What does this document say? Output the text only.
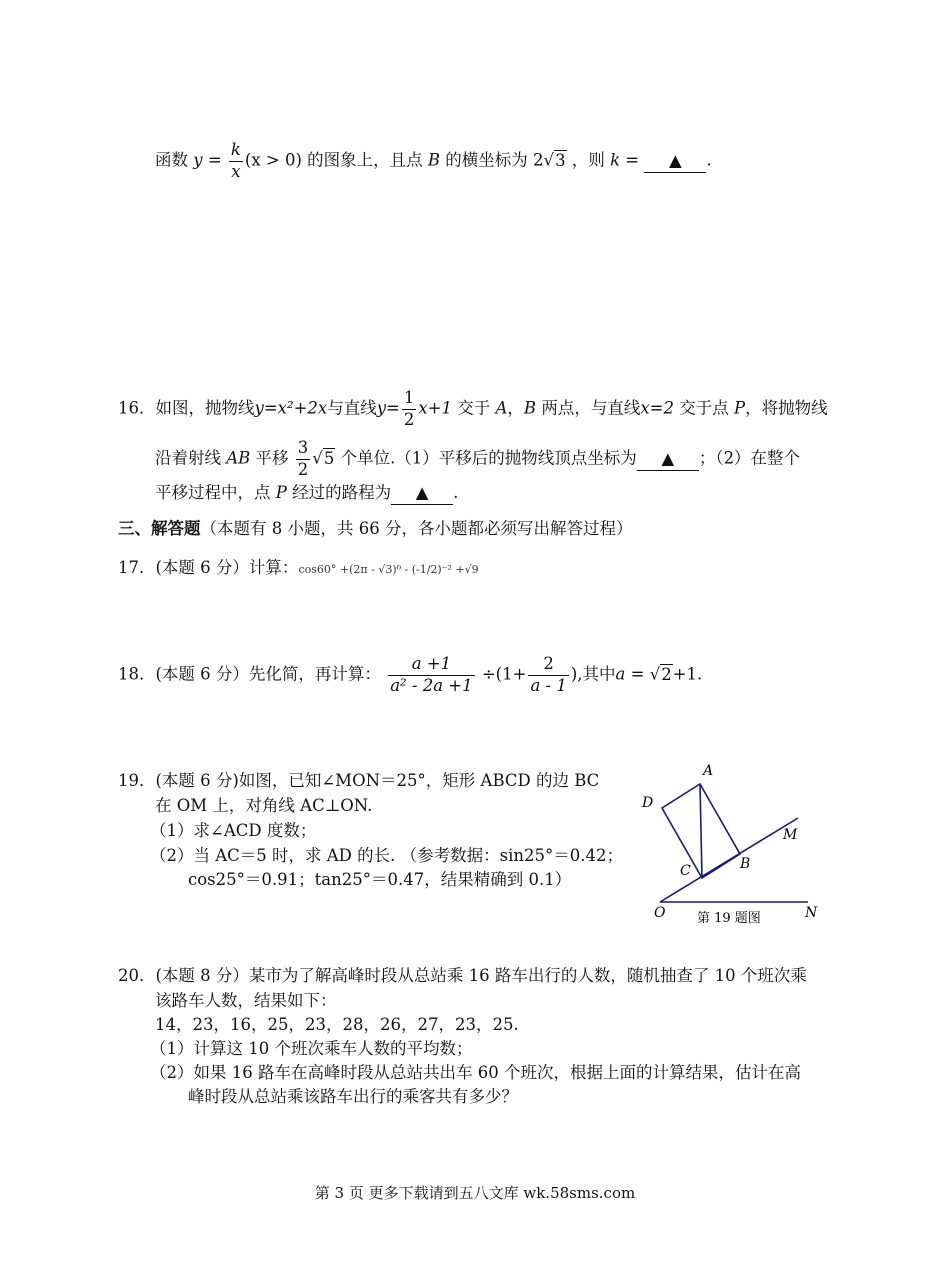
函数 $y = \frac{k}{x} (x > 0)$ 的图象上，且点 B 的横坐标为 2√3 ，则 k = ▲ .
16．如图，抛物线y=x²+2x与直线$y= \frac{1}{2} x+1$ 交于 A，B 两点，与直线x=2 交于点 P，将抛物线
沿着射线 AB 平移 $\frac{3}{2} √5$ 个单位.（1）平移后的抛物线顶点坐标为 ▲ ；（2）在整个
平移过程中，点 P 经过的路程为 ▲ .
三、解答题（本题有 8 小题，共 66 分，各小题都必须写出解答过程）
17．(本题 6 分）计算：cos60° +(2π - √3)⁰ - (-1/2)⁻² +√9
18．(本题 6 分）先化简，再计算： $\frac{a +1}{\text{a² - 2a +1}} \div(1+ \frac{2}{a - 1}$ ),其中a = √2+1.
19．(本题 6 分)如图，已知∠MON＝25°，矩形 ABCD 的边 BC
在 OM 上，对角线 AC⊥ON.
（1）求∠ACD 度数；
（2）当 AC＝5 时，求 AD 的长. （参考数据：sin25°＝0.42；
cos25°＝0.91；tan25°＝0.47，结果精确到 0.1）
A
D
M
B
C
O	N
第 19 题图
20．(本题 8 分）某市为了解高峰时段从总站乘 16 路车出行的人数，随机抽查了 10 个班次乘
该路车人数，结果如下：
14，23，16，25，23，28，26，27，23，25.
（1）计算这 10 个班次乘车人数的平均数；
（2）如果 16 路车在高峰时段从总站共出车 60 个班次，根据上面的计算结果，估计在高
峰时段从总站乘该路车出行的乘客共有多少？
第 3 页 更多下载请到五八文库 wk.58sms.com
